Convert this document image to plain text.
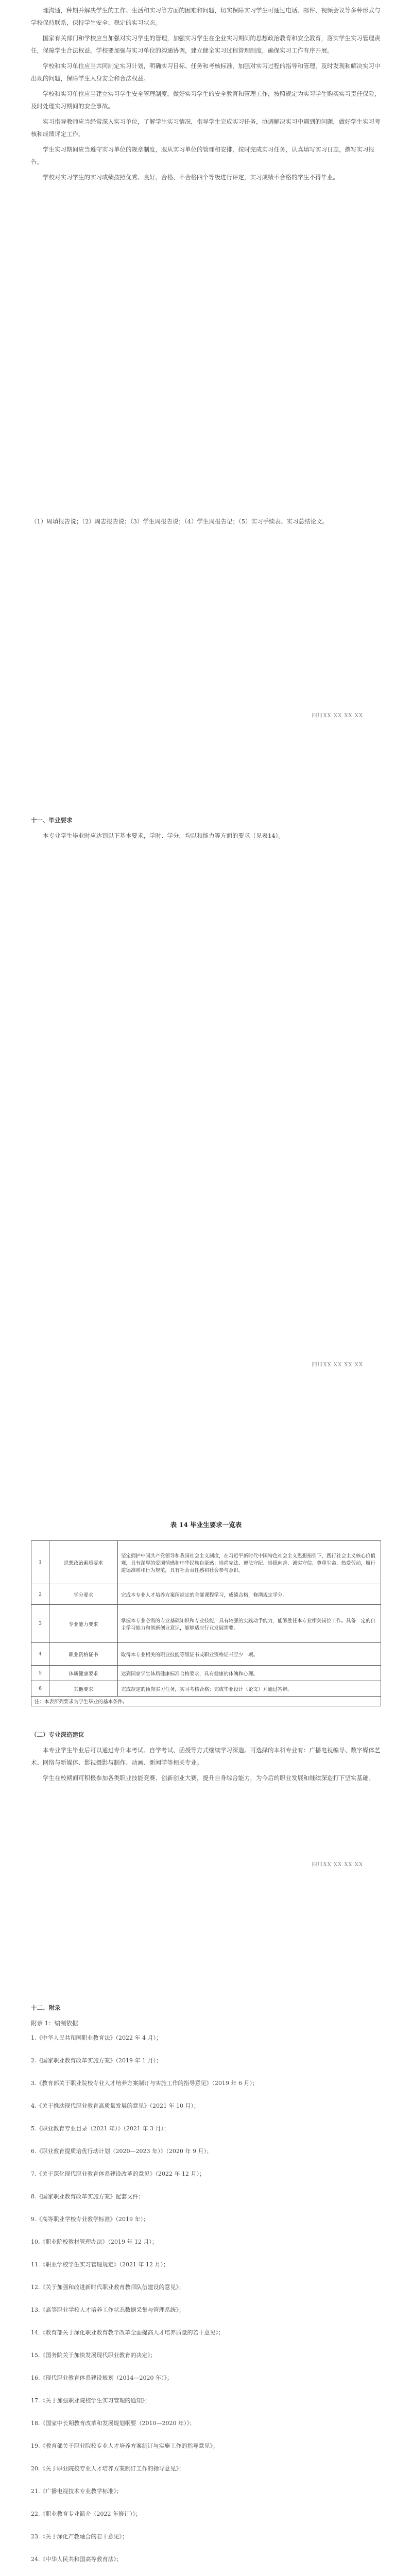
理沟通，种期并解决学生的工作、生活和实习等方面的困难和问题，切实保障实习学生可通过电话、邮件、视频会议等多种形式与学校保持联系，保持学生安全、稳定的实习状态。

国家有关部门和学校应当加强对实习学生的管理，加强实习学生在企业实习期间的思想政治教育和安全教育，落实学生实习管理责任，保障学生合法权益。学校要加强与实习单位的沟通协调，建立健全实习过程管理制度，确保实习工作有序开展。

学校和实习单位应当共同制定实习计划，明确实习目标、任务和考核标准，加强对实习过程的指导和管理，及时发现和解决实习中出现的问题，保障学生人身安全和合法权益。

学校和实习单位应当建立实习学生安全管理制度，做好实习学生的安全教育和管理工作，按照规定为实习学生购买实习责任保险，及时处理实习期间的安全事故。

实习指导教师应当经常深入实习单位，了解学生实习情况，指导学生完成实习任务，协调解决实习中遇到的问题，做好学生实习考核和成绩评定工作。

学生实习期间应当遵守实习单位的规章制度，服从实习单位的管理和安排，按时完成实习任务，认真填写实习日志，撰写实习报告。

学校对实习学生的实习成绩按照优秀、良好、合格、不合格四个等级进行评定，实习成绩不合格的学生不得毕业。

（1）周填报告说；（2）周志报告说；（3）学生周报告说；（4）学生周报告记；（5）实习手续表、实习总结论文。

四川XX XX XX XX

十一、毕业要求

本专业学生毕业时应达到以下基本要求，学时、学分，均以和能力等方面的要求（见表14）。

四川XX XX XX XX
表 14 毕业生要求一览表
1	思想政治素质要求	坚定拥护中国共产党领导和我国社会主义制度，在习近平新时代中国特色社会主义思想指引下，践行社会主义核心价值观，具有深厚的爱国情感和中华民族自豪感；崇尚宪法、遵法守纪、崇德向善、诚实守信、尊重生命、热爱劳动，履行道德准则和行为规范，具有社会责任感和社会参与意识。
2	学分要求	完成本专业人才培养方案所规定的全部课程学习，成绩合格，修满规定学分。
3	专业能力要求	掌握本专业必需的专业基础知识和专业技能，具有较强的实践动手能力，能够胜任本专业相关岗位工作。具备一定的自主学习能力和创新创业意识，能够适应行业发展需要。
4	职业资格证书	取得本专业相关的职业技能等级证书或职业资格证书至少一项。
5	体质健康要求	达到国家学生体质健康标准合格要求，具有健康的体魄和心理。
6	其他要求	完成规定的顶岗实习任务，实习考核合格；完成毕业设计（论文）并通过答辩。
注：本表所列要求为学生毕业的基本条件。		

（二）专业深造建议

本专业学生毕业后可以通过专升本考试、自学考试、函授等方式继续学习深造。可选择的本科专业有：广播电视编导、数字媒体艺术、网络与新媒体、影视摄影与制作、动画、新闻学等相关专业。

学生在校期间可积极参加各类职业技能竞赛、创新创业大赛，提升自身综合能力，为今后的职业发展和继续深造打下坚实基础。

四川XX XX XX XX

十二、附录

附录 1：编制依据

1.《中华人民共和国职业教育法》（2022 年 4 月）；

2.《国家职业教育改革实施方案》（2019 年 1 月）；

3.《教育部关于职业院校专业人才培养方案制订与实施工作的指导意见》（2019 年 6 月）；

4.《关于推动现代职业教育高质量发展的意见》（2021 年 10 月）；

5.《职业教育专业目录（2021 年）》（2021 年 3 月）；

6.《职业教育提质培优行动计划（2020—2023 年）》（2020 年 9 月）；

7.《关于深化现代职业教育体系建设改革的意见》（2022 年 12 月）；

8.《国家职业教育改革实施方案》配套文件；

9.《高等职业学校专业教学标准》（2019 年）；

10.《职业院校教材管理办法》（2019 年 12 月）；

11.《职业学校学生实习管理规定》（2021 年 12 月）；

12.《关于加强和改进新时代职业教育教师队伍建设的意见》；

13.《高等职业学校人才培养工作状态数据采集与管理系统》；

14.《教育部关于深化职业教育教学改革全面提高人才培养质量的若干意见》；

15.《国务院关于加快发展现代职业教育的决定》；

16.《现代职业教育体系建设规划（2014—2020 年）》；

17.《关于加强职业院校学生实习管理的通知》；

18.《国家中长期教育改革和发展规划纲要（2010—2020 年）》；

19.《教育部关于职业院校专业人才培养方案制订与实施工作的指导意见》；

20.《关于职业院校专业人才培养方案制订工作的指导意见》；

21.《广播电视技术专业教学标准》；

22.《职业教育专业简介（2022 年修订）》；

23.《关于深化产教融合的若干意见》；

24.《中华人民共和国高等教育法》；
